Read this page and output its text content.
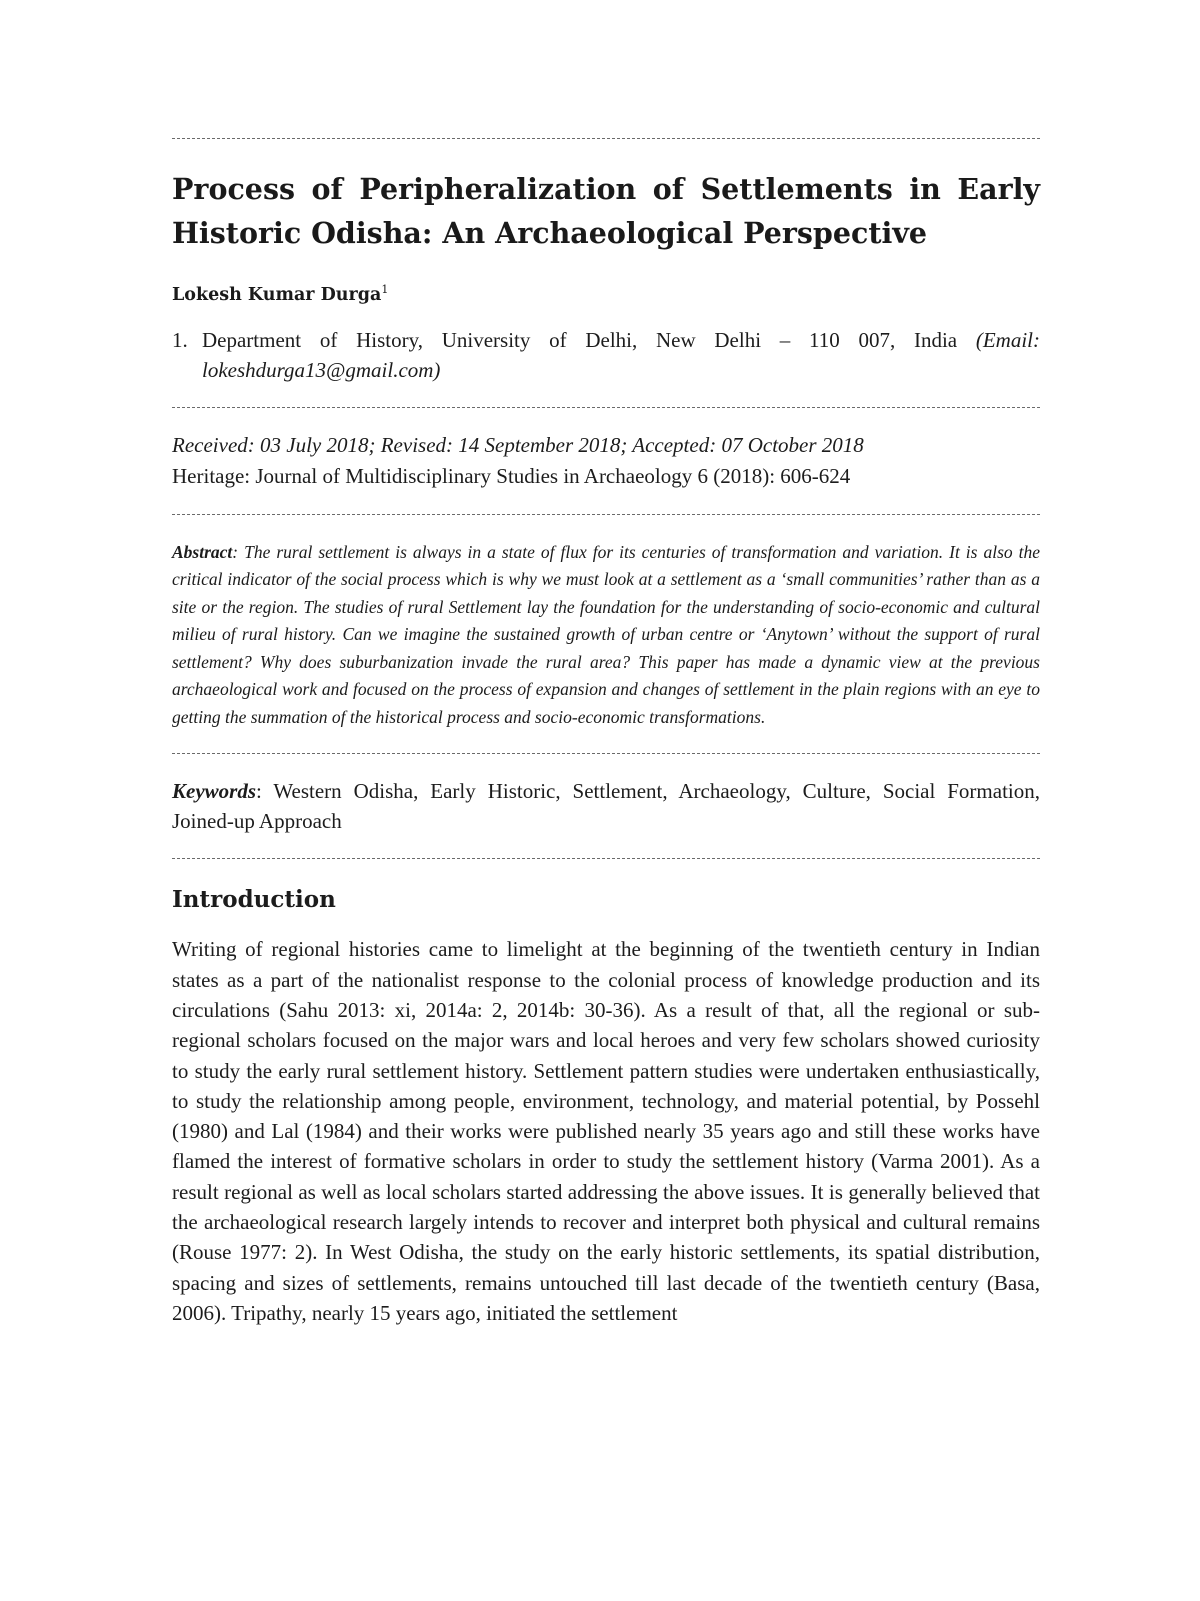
Process of Peripheralization of Settlements in Early Historic Odisha: An Archaeological Perspective
Lokesh Kumar Durga$^1$
1. Department of History, University of Delhi, New Delhi – 110 007, India (Email: lokeshdurga13@gmail.com)
Received: 03 July 2018; Revised: 14 September 2018; Accepted: 07 October 2018
Heritage: Journal of Multidisciplinary Studies in Archaeology 6 (2018): 606-624
Abstract: The rural settlement is always in a state of flux for its centuries of transformation and variation. It is also the critical indicator of the social process which is why we must look at a settlement as a ‘small communities’ rather than as a site or the region. The studies of rural Settlement lay the foundation for the understanding of socio-economic and cultural milieu of rural history. Can we imagine the sustained growth of urban centre or ‘Anytown’ without the support of rural settlement? Why does suburbanization invade the rural area? This paper has made a dynamic view at the previous archaeological work and focused on the process of expansion and changes of settlement in the plain regions with an eye to getting the summation of the historical process and socio-economic transformations.
Keywords: Western Odisha, Early Historic, Settlement, Archaeology, Culture, Social Formation, Joined-up Approach
Introduction

Writing of regional histories came to limelight at the beginning of the twentieth century in Indian states as a part of the nationalist response to the colonial process of knowledge production and its circulations (Sahu 2013: xi, 2014a: 2, 2014b: 30-36). As a result of that, all the regional or sub-regional scholars focused on the major wars and local heroes and very few scholars showed curiosity to study the early rural settlement history. Settlement pattern studies were undertaken enthusiastically, to study the relationship among people, environment, technology, and material potential, by Possehl (1980) and Lal (1984) and their works were published nearly 35 years ago and still these works have flamed the interest of formative scholars in order to study the settlement history (Varma 2001). As a result regional as well as local scholars started addressing the above issues. It is generally believed that the archaeological research largely intends to recover and interpret both physical and cultural remains (Rouse 1977: 2). In West Odisha, the study on the early historic settlements, its spatial distribution, spacing and sizes of settlements, remains untouched till last decade of the twentieth century (Basa, 2006). Tripathy, nearly 15 years ago, initiated the settlement
